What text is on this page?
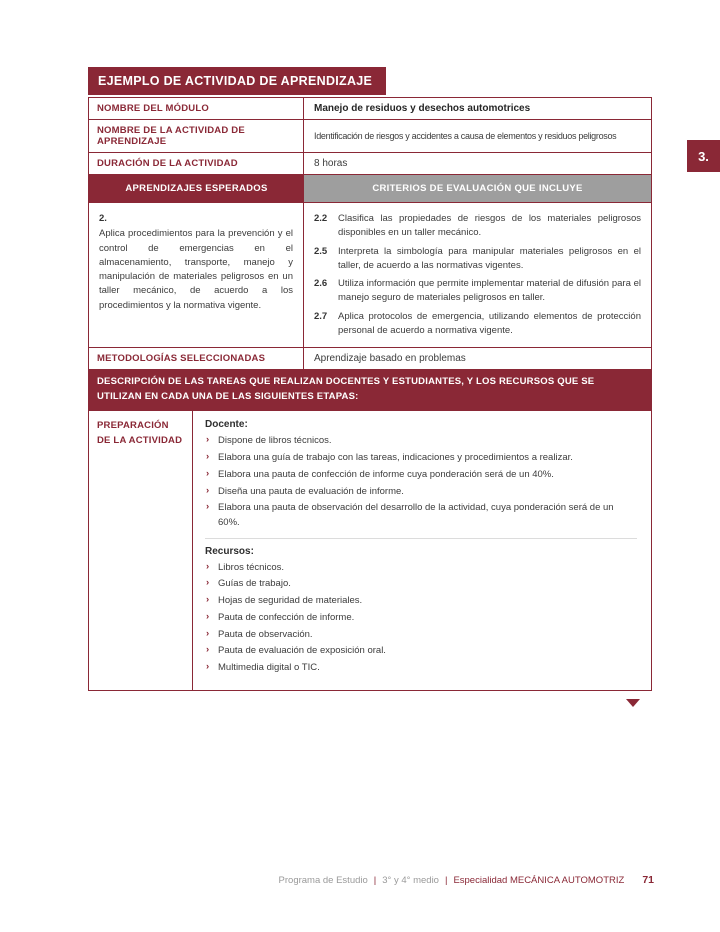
3.
EJEMPLO DE ACTIVIDAD DE APRENDIZAJE
NOMBRE DEL MÓDULO	Manejo de residuos y desechos automotrices
NOMBRE DE LA ACTIVIDAD DE APRENDIZAJE	Identificación de riesgos y accidentes a causa de elementos y residuos peligrosos
DURACIÓN DE LA ACTIVIDAD	8 horas
APRENDIZAJES ESPERADOS	CRITERIOS DE EVALUACIÓN QUE INCLUYE
2.
Aplica procedimientos para la prevención y el control de emergencias en el almacenamiento, transporte, manejo y manipulación de materiales peligrosos en un taller mecánico, de acuerdo a los procedimientos y la normativa vigente.
2.2	Clasifica las propiedades de riesgos de los materiales peligrosos disponibles en un taller mecánico.
2.5	Interpreta la simbología para manipular materiales peligrosos en el taller, de acuerdo a las normativas vigentes.
2.6	Utiliza información que permite implementar material de difusión para el manejo seguro de materiales peligrosos en taller.
2.7	Aplica protocolos de emergencia, utilizando elementos de protección personal de acuerdo a normativa vigente.
METODOLOGÍAS SELECCIONADAS	Aprendizaje basado en problemas
DESCRIPCIÓN DE LAS TAREAS QUE REALIZAN DOCENTES Y ESTUDIANTES, Y LOS RECURSOS QUE SE UTILIZAN EN CADA UNA DE LAS SIGUIENTES ETAPAS:
PREPARACIÓN DE LA ACTIVIDAD
Docente:
› Dispone de libros técnicos.
› Elabora una guía de trabajo con las tareas, indicaciones y procedimientos a realizar.
› Elabora una pauta de confección de informe cuya ponderación será de un 40%.
› Diseña una pauta de evaluación de informe.
› Elabora una pauta de observación del desarrollo de la actividad, cuya ponderación será de un 60%.
Recursos:
› Libros técnicos.
› Guías de trabajo.
› Hojas de seguridad de materiales.
› Pauta de confección de informe.
› Pauta de observación.
› Pauta de evaluación de exposición oral.
› Multimedia digital o TIC.
Programa de Estudio | 3° y 4° medio | Especialidad MECÁNICA AUTOMOTRIZ 71
